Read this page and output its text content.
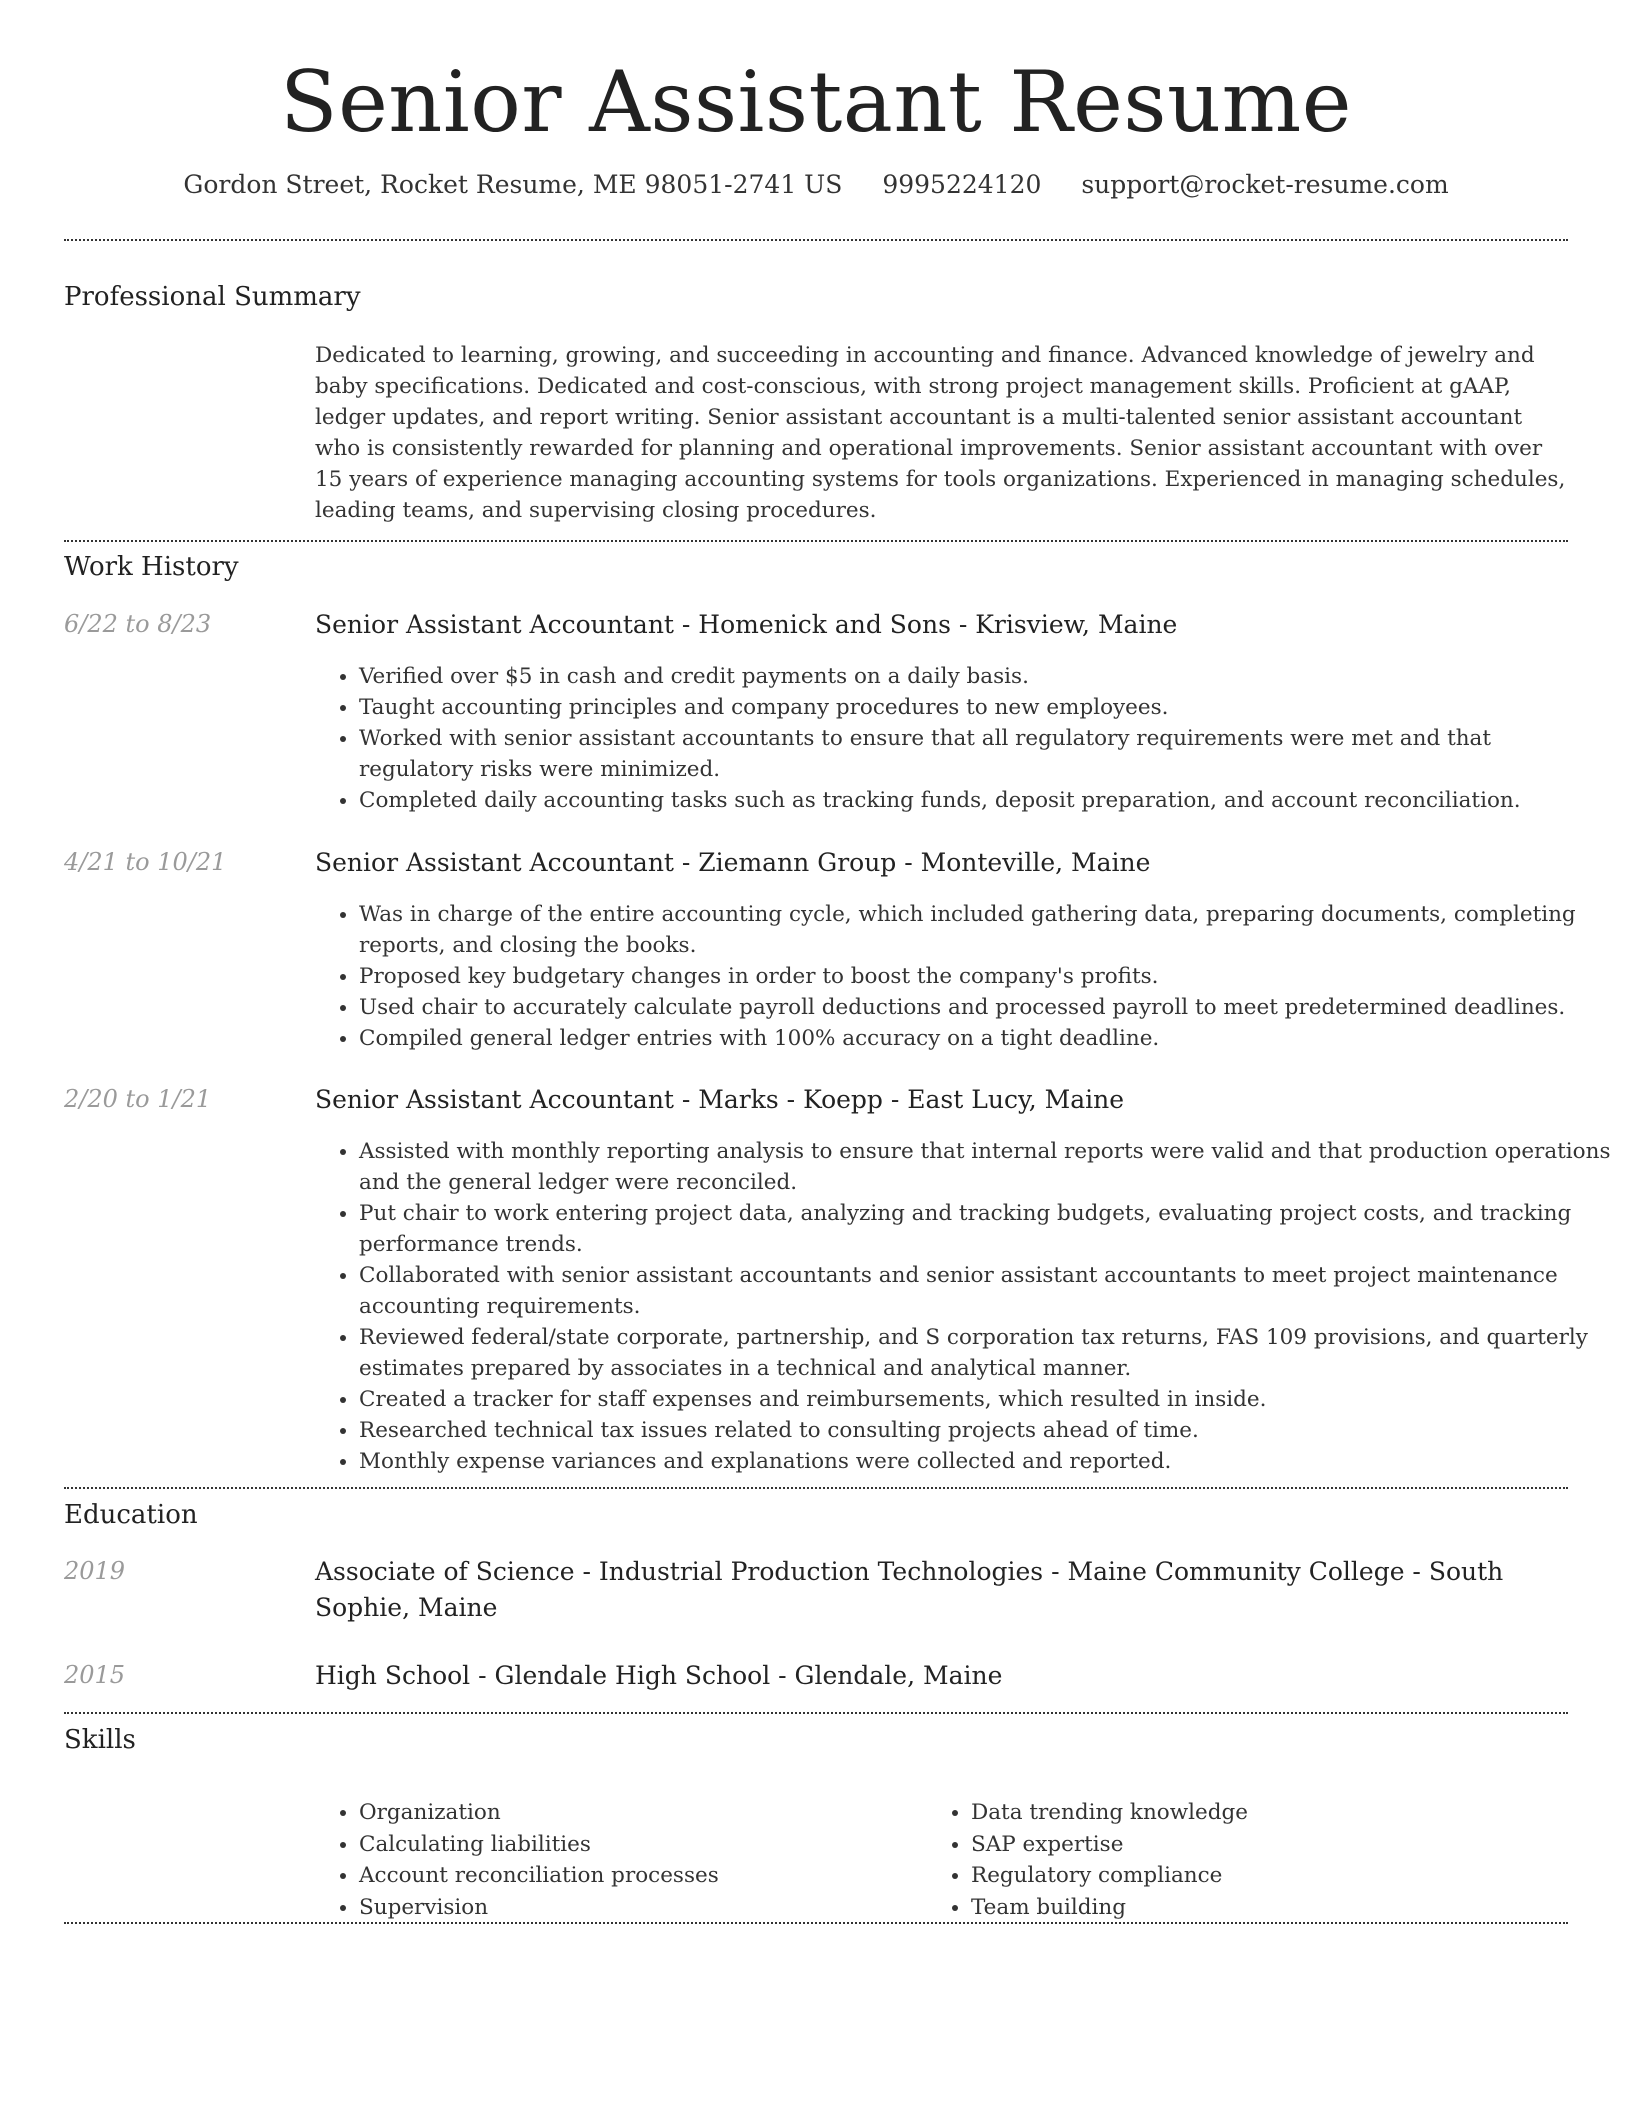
Senior Assistant Resume
Gordon Street, Rocket Resume, ME 98051-2741 US 9995224120 support@rocket-resume.com
Professional Summary

Dedicated to learning, growing, and succeeding in accounting and finance. Advanced knowledge of jewelry and baby specifications. Dedicated and cost-conscious, with strong project management skills. Proficient at gAAP, ledger updates, and report writing. Senior assistant accountant is a multi-talented senior assistant accountant who is consistently rewarded for planning and operational improvements. Senior assistant accountant with over 15 years of experience managing accounting systems for tools organizations. Experienced in managing schedules, leading teams, and supervising closing procedures.

Work History
6/22 to 8/23	Senior Assistant Accountant - Homenick and Sons - Krisview, Maine
• Verified over $5 in cash and credit payments on a daily basis.
• Taught accounting principles and company procedures to new employees.
• Worked with senior assistant accountants to ensure that all regulatory requirements were met and that regulatory risks were minimized.
• Completed daily accounting tasks such as tracking funds, deposit preparation, and account reconciliation.
4/21 to 10/21	Senior Assistant Accountant - Ziemann Group - Monteville, Maine
• Was in charge of the entire accounting cycle, which included gathering data, preparing documents, completing reports, and closing the books.
• Proposed key budgetary changes in order to boost the company's profits.
• Used chair to accurately calculate payroll deductions and processed payroll to meet predetermined deadlines.
• Compiled general ledger entries with 100% accuracy on a tight deadline.
2/20 to 1/21	Senior Assistant Accountant - Marks - Koepp - East Lucy, Maine
• Assisted with monthly reporting analysis to ensure that internal reports were valid and that production operations and the general ledger were reconciled.
• Put chair to work entering project data, analyzing and tracking budgets, evaluating project costs, and tracking performance trends.
• Collaborated with senior assistant accountants and senior assistant accountants to meet project maintenance accounting requirements.
• Reviewed federal/state corporate, partnership, and S corporation tax returns, FAS 109 provisions, and quarterly estimates prepared by associates in a technical and analytical manner.
• Created a tracker for staff expenses and reimbursements, which resulted in inside.
• Researched technical tax issues related to consulting projects ahead of time.
• Monthly expense variances and explanations were collected and reported.
Education
2019	Associate of Science - Industrial Production Technologies - Maine Community College - South Sophie, Maine
2015	High School - Glendale High School - Glendale, Maine
Skills
• Organization
• Calculating liabilities
• Account reconciliation processes
• Supervision
• Data trending knowledge
• SAP expertise
• Regulatory compliance
• Team building
